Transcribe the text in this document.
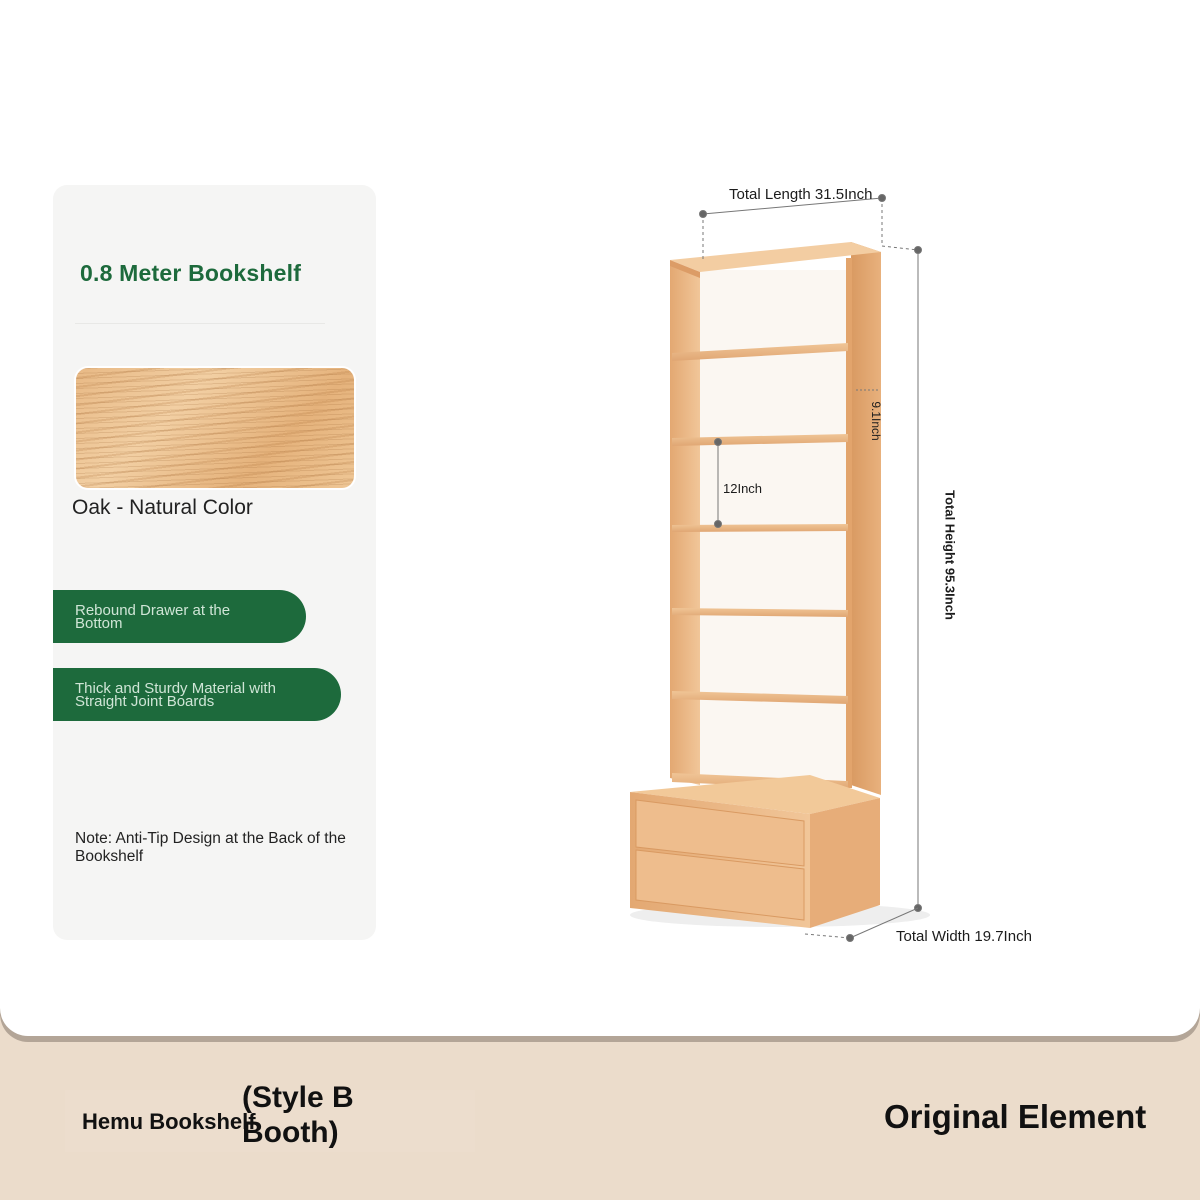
0.8 Meter Bookshelf
Oak - Natural Color
Rebound Drawer at the Bottom
Thick and Sturdy Material with Straight Joint Boards
Note: Anti-Tip Design at the Back of the Bookshelf
Total Length 31.5Inch
Total Width 19.7Inch
12Inch
Total Height 95.3Inch
9.1Inch
Hemu Bookshelf
(Style B Booth)	Original Element
